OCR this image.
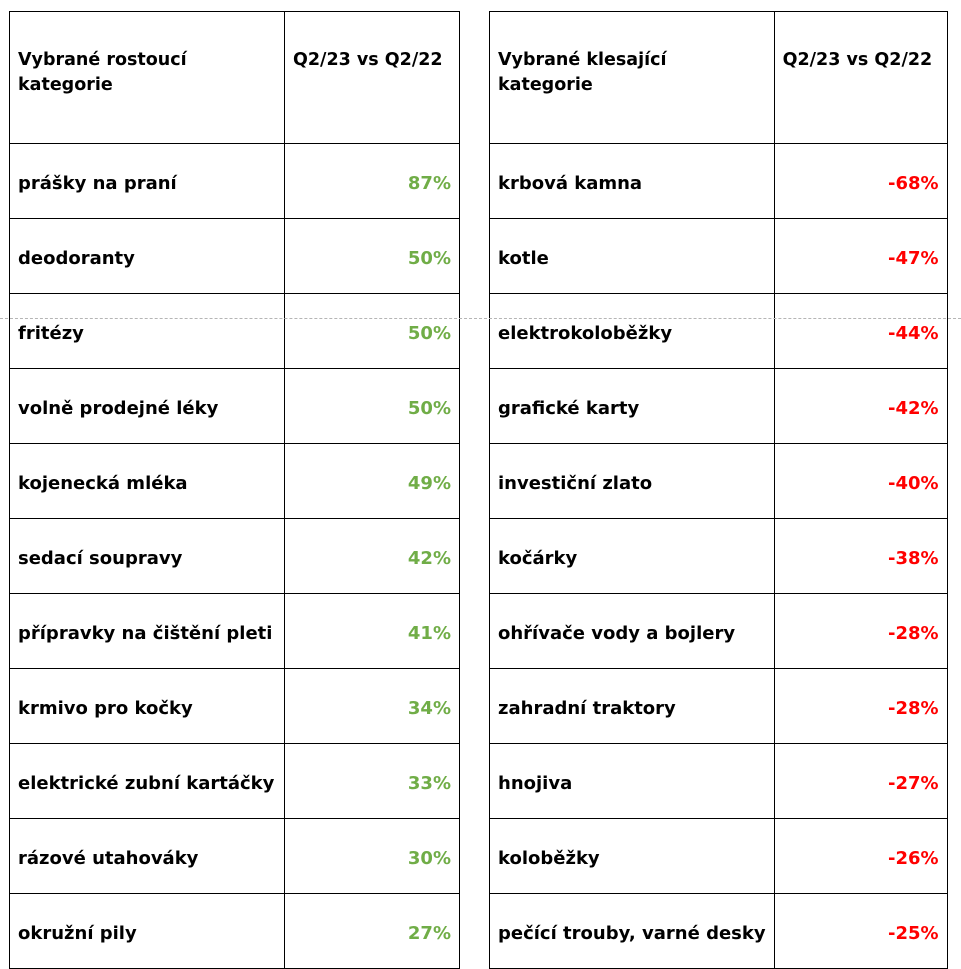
Vybrané rostoucí kategorie	Q2/23 vs Q2/22
prášky na praní	87%
deodoranty	50%
fritézy	50%
volně prodejné léky	50%
kojenecká mléka	49%
sedací soupravy	42%
přípravky na čištění pleti	41%
krmivo pro kočky	34%
elektrické zubní kartáčky	33%
rázové utahováky	30%
okružní pily	27%
Vybrané klesající kategorie	Q2/23 vs Q2/22
krbová kamna	-68%
kotle	-47%
elektrokoloběžky	-44%
grafické karty	-42%
investiční zlato	-40%
kočárky	-38%
ohřívače vody a bojlery	-28%
zahradní traktory	-28%
hnojiva	-27%
koloběžky	-26%
pečící trouby, varné desky	-25%
